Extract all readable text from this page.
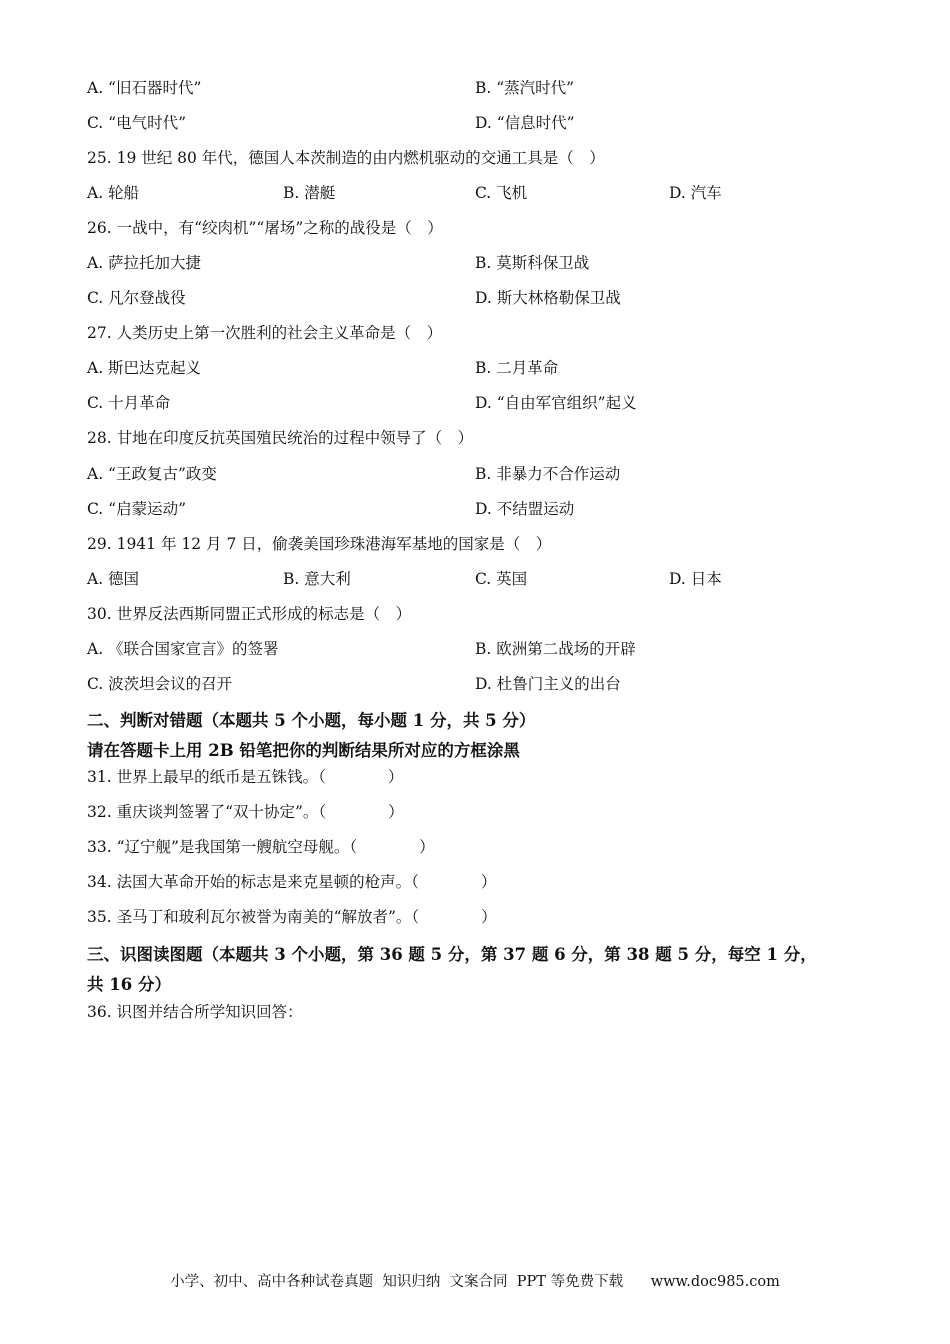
A. “旧石器时代”	B. “蒸汽时代”
C. “电气时代”	D. “信息时代”
25. 19 世纪 80 年代，德国人本茨制造的由内燃机驱动的交通工具是（　）
A. 轮船	B. 潜艇	C. 飞机	D. 汽车
26. 一战中，有“绞肉机”“屠场”之称的战役是（　）
A. 萨拉托加大捷	B. 莫斯科保卫战
C. 凡尔登战役	D. 斯大林格勒保卫战
27. 人类历史上第一次胜利的社会主义革命是（　）
A. 斯巴达克起义	B. 二月革命
C. 十月革命	D. “自由军官组织”起义
28. 甘地在印度反抗英国殖民统治的过程中领导了（　）
A. “王政复古”政变	B. 非暴力不合作运动
C. “启蒙运动”	D. 不结盟运动
29. 1941 年 12 月 7 日，偷袭美国珍珠港海军基地的国家是（　）
A. 德国	B. 意大利	C. 英国	D. 日本
30. 世界反法西斯同盟正式形成的标志是（　）
A. 《联合国家宣言》的签署	B. 欧洲第二战场的开辟
C. 波茨坦会议的召开	D. 杜鲁门主义的出台
二、判断对错题（本题共 5 个小题，每小题 1 分，共 5 分）
请在答题卡上用 2B 铅笔把你的判断结果所对应的方框涂黑
31. 世界上最早的纸币是五铢钱。（　　　　）
32. 重庆谈判签署了“双十协定”。（　　　　）
33. “辽宁舰”是我国第一艘航空母舰。（　　　　）
34. 法国大革命开始的标志是来克星顿的枪声。（　　　　）
35. 圣马丁和玻利瓦尔被誉为南美的“解放者”。（　　　　）
三、识图读图题（本题共 3 个小题，第 36 题 5 分，第 37 题 6 分，第 38 题 5 分，每空 1 分，
共 16 分）
36. 识图并结合所学知识回答：
小学、初中、高中各种试卷真题  知识归纳  文案合同  PPT 等免费下载      www.doc985.com
